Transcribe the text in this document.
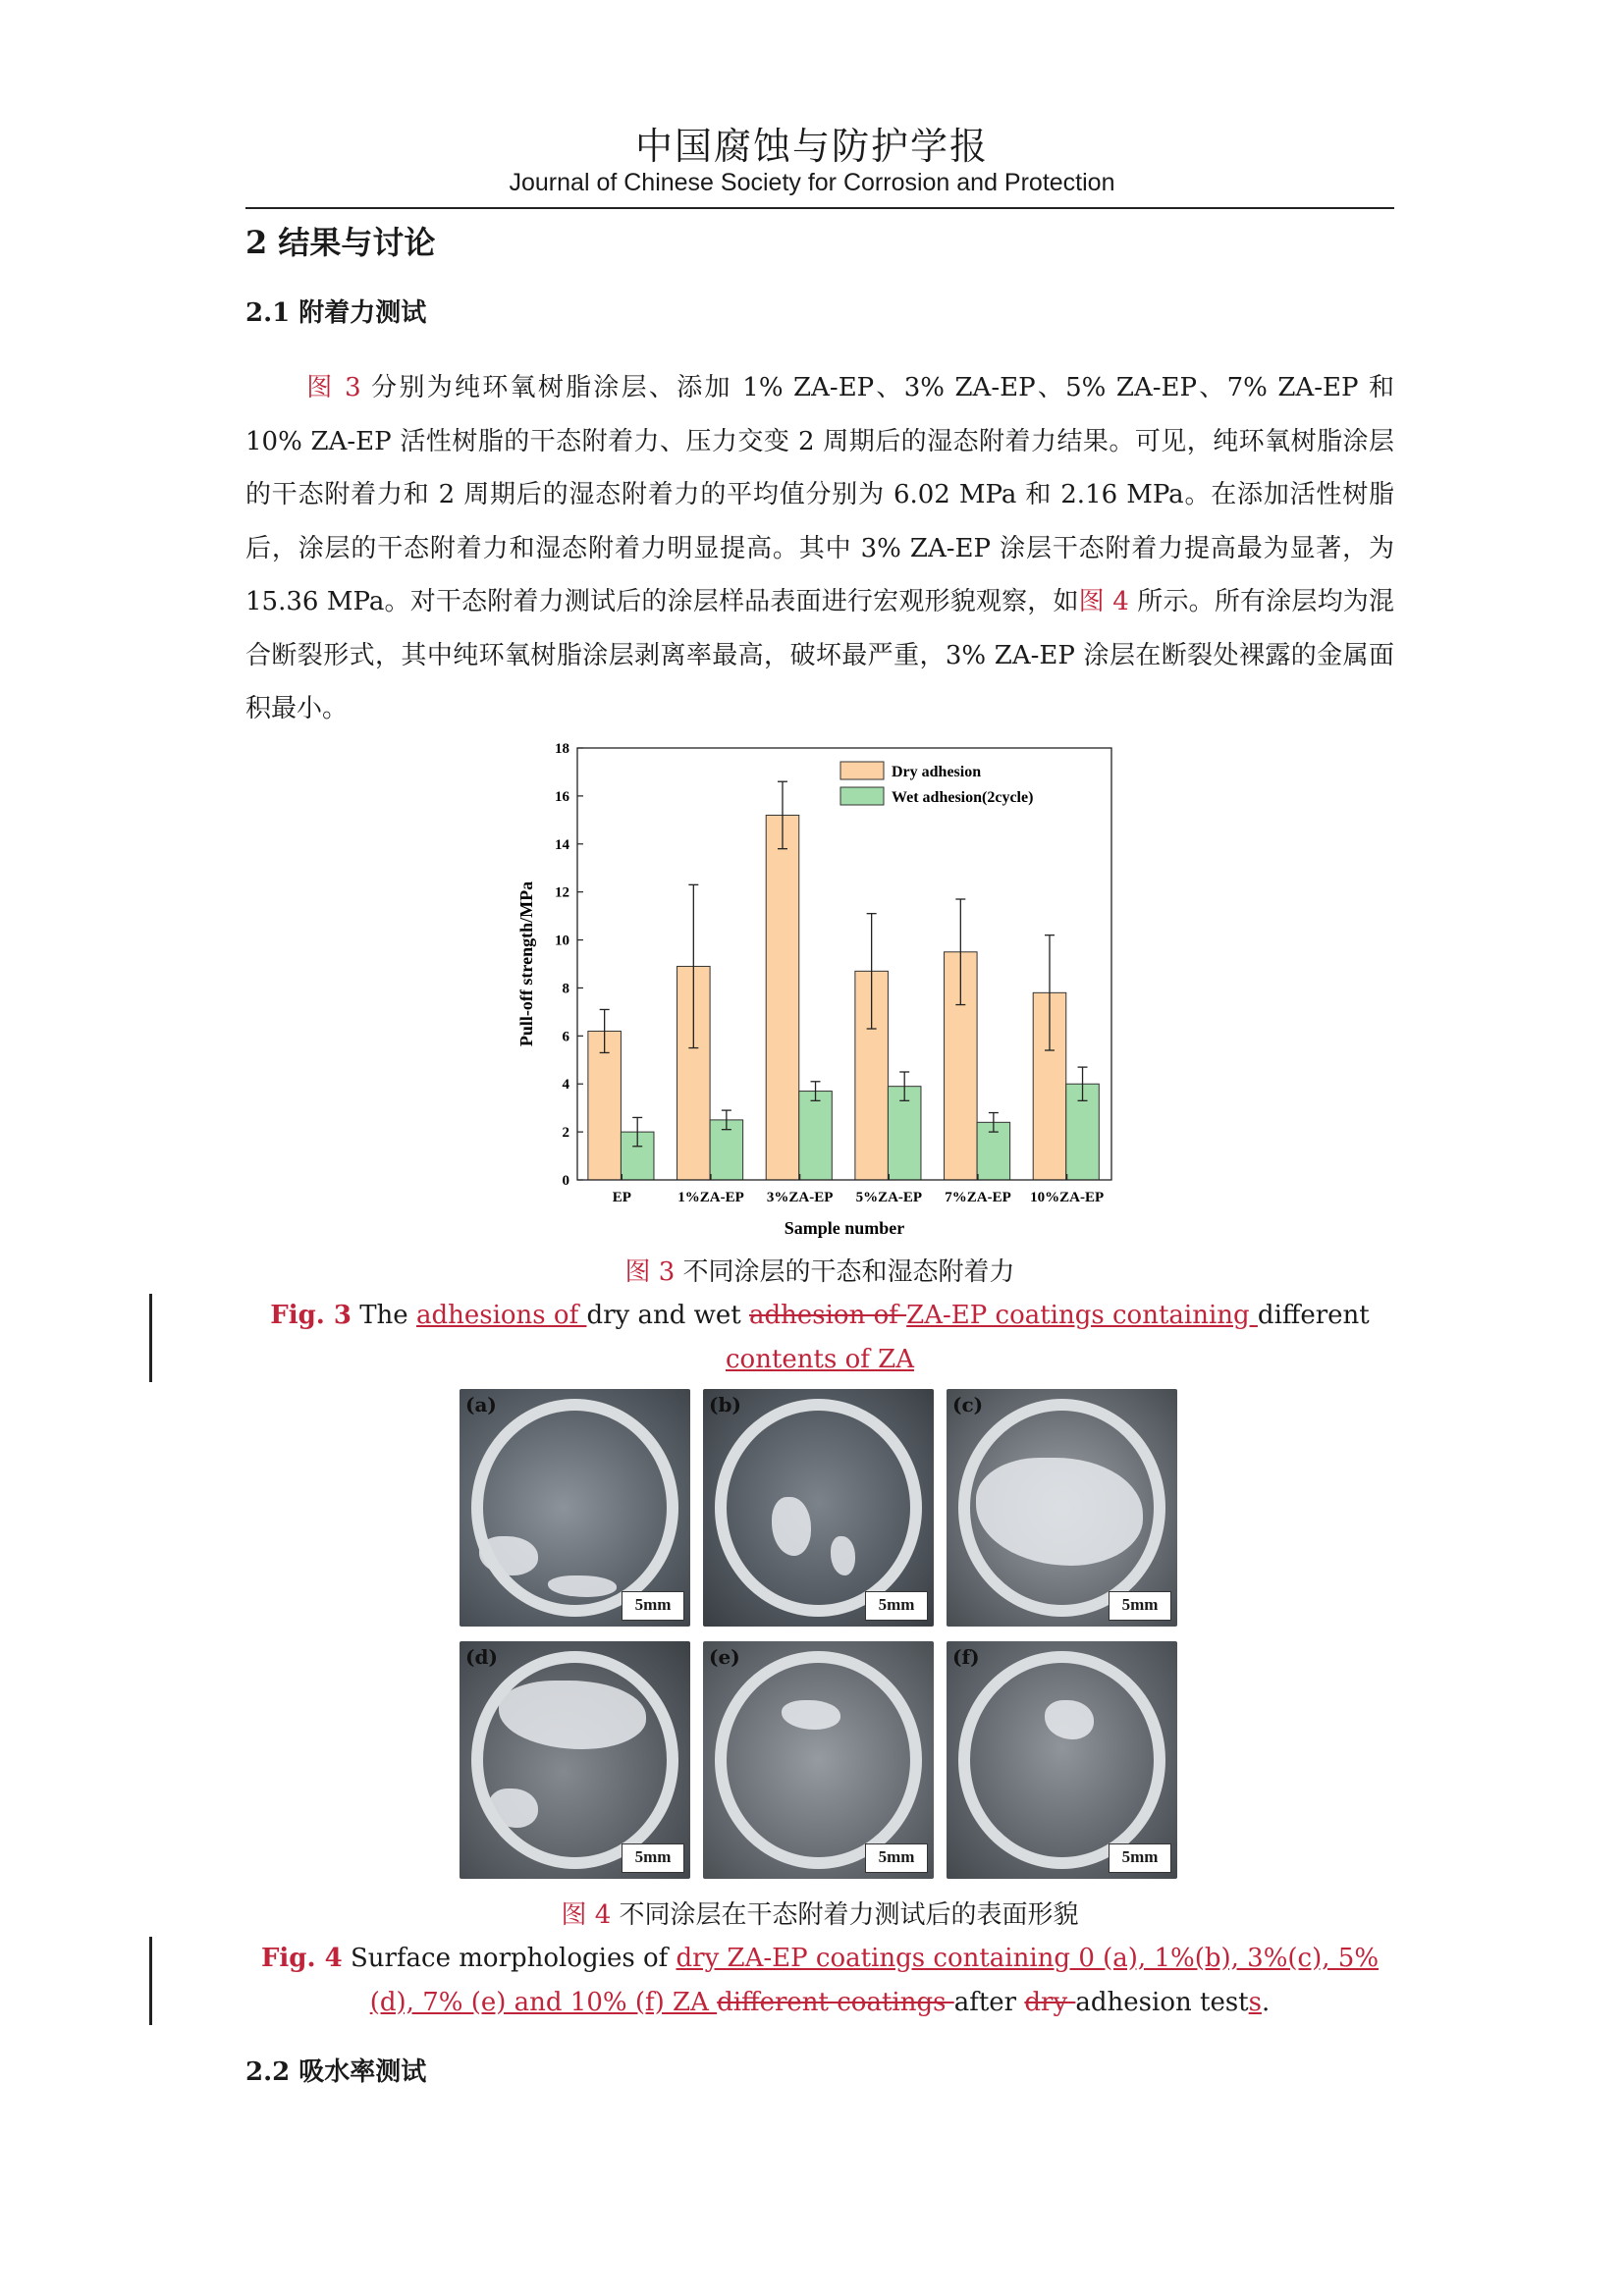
中国腐蚀与防护学报
Journal of Chinese Society for Corrosion and Protection
2 结果与讨论
2.1 附着力测试
图 3 分别为纯环氧树脂涂层、添加 1% ZA-EP、3% ZA-EP、5% ZA-EP、7% ZA-EP 和 10% ZA-EP 活性树脂的干态附着力、压力交变 2 周期后的湿态附着力结果。可见，纯环氧树脂涂层的干态附着力和 2 周期后的湿态附着力的平均值分别为 6.02 MPa 和 2.16 MPa。在添加活性树脂后，涂层的干态附着力和湿态附着力明显提高。其中 3% ZA-EP 涂层干态附着力提高最为显著，为 15.36 MPa。对干态附着力测试后的涂层样品表面进行宏观形貌观察，如图 4 所示。所有涂层均为混合断裂形式，其中纯环氧树脂涂层剥离率最高，破坏最严重，3% ZA-EP 涂层在断裂处裸露的金属面积最小。
0
2
4
6
8
10
12
14
16
18
EP	1%ZA-EP 3%ZA-EP 5%ZA-EP 7%ZA-EP 10%ZA-EP
Sample number
Pull-off strength/MPa
Dry adhesion
Wet adhesion(2cycle)
图 3 不同涂层的干态和湿态附着力
Fig. 3 The adhesions of dry and wet adhesion of ZA-EP coatings containing different contents of ZA
(a)
5mm
(b)
5mm
(c)
5mm
(d)
5mm
(e)
5mm
(f)
5mm
图 4 不同涂层在干态附着力测试后的表面形貌
Fig. 4 Surface morphologies of dry ZA-EP coatings containing 0 (a), 1%(b), 3%(c), 5% (d), 7% (e) and 10% (f) ZA different coatings after dry adhesion tests.
2.2 吸水率测试
